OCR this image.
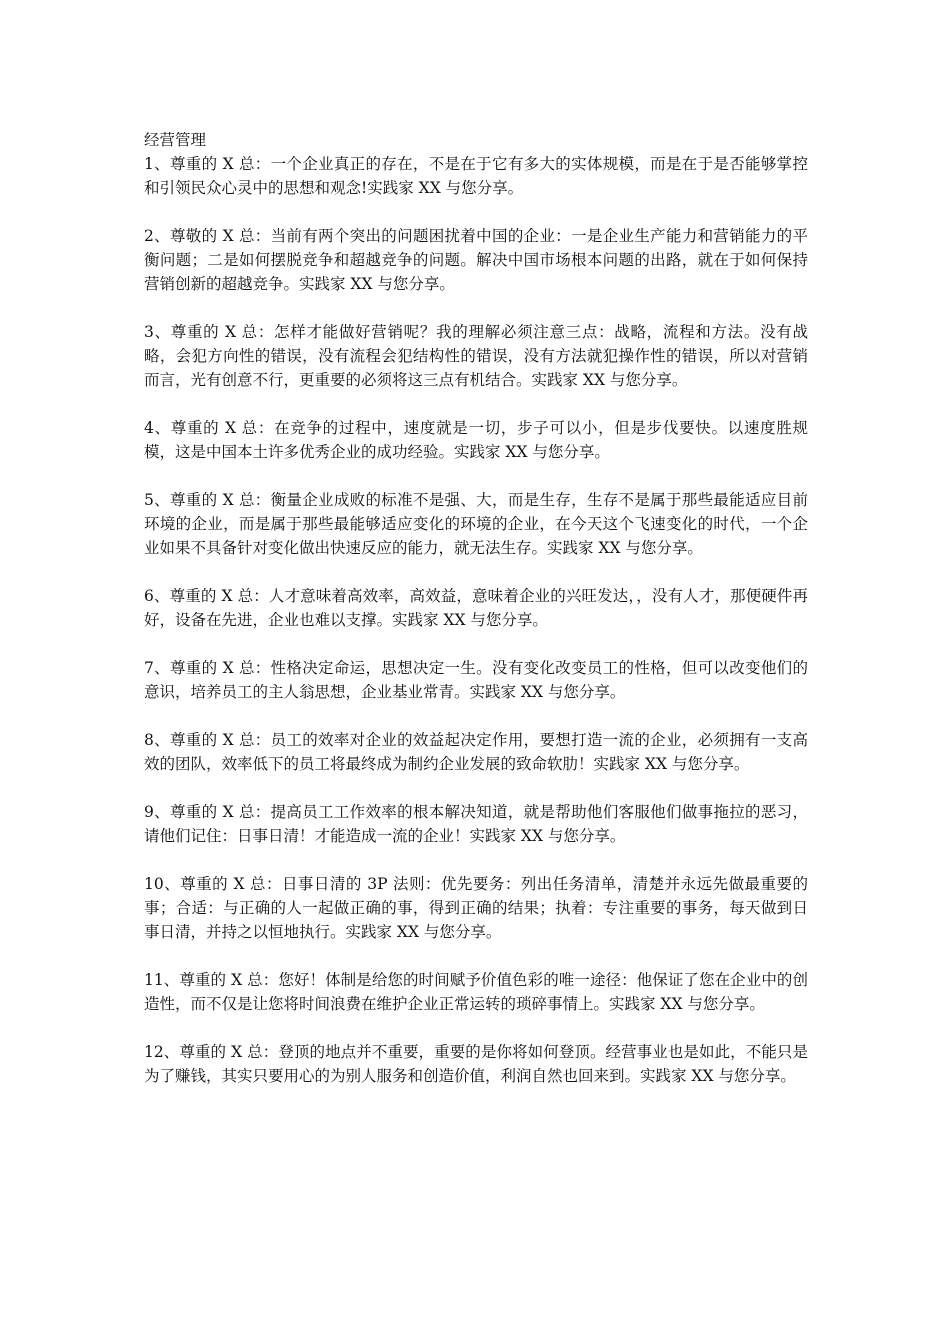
经营管理

1、尊重的 X 总：一个企业真正的存在，不是在于它有多大的实体规模，而是在于是否能够掌控和引领民众心灵中的思想和观念!实践家 XX 与您分享。

2、尊敬的 X 总：当前有两个突出的问题困扰着中国的企业：一是企业生产能力和营销能力的平衡问题；二是如何摆脱竞争和超越竞争的问题。解决中国市场根本问题的出路，就在于如何保持营销创新的超越竞争。实践家 XX 与您分享。

3、尊重的 X 总：怎样才能做好营销呢？我的理解必须注意三点：战略，流程和方法。没有战略，会犯方向性的错误，没有流程会犯结构性的错误，没有方法就犯操作性的错误，所以对营销而言，光有创意不行，更重要的必须将这三点有机结合。实践家 XX 与您分享。

4、尊重的 X 总：在竞争的过程中，速度就是一切，步子可以小，但是步伐要快。以速度胜规模，这是中国本土许多优秀企业的成功经验。实践家 XX 与您分享。

5、尊重的 X 总：衡量企业成败的标准不是强、大，而是生存，生存不是属于那些最能适应目前环境的企业，而是属于那些最能够适应变化的环境的企业，在今天这个飞速变化的时代，一个企业如果不具备针对变化做出快速反应的能力，就无法生存。实践家 XX 与您分享。

6、尊重的 X 总：人才意味着高效率，高效益，意味着企业的兴旺发达，，没有人才，那便硬件再好，设备在先进，企业也难以支撑。实践家 XX 与您分享。

7、尊重的 X 总：性格决定命运，思想决定一生。没有变化改变员工的性格，但可以改变他们的意识，培养员工的主人翁思想，企业基业常青。实践家 XX 与您分享。

8、尊重的 X 总：员工的效率对企业的效益起决定作用，要想打造一流的企业，必须拥有一支高效的团队，效率低下的员工将最终成为制约企业发展的致命软肋！实践家 XX 与您分享。

9、尊重的 X 总：提高员工工作效率的根本解决知道，就是帮助他们客服他们做事拖拉的恶习，请他们记住：日事日清！才能造成一流的企业！实践家 XX 与您分享。

10、尊重的 X 总：日事日清的 3P 法则：优先要务：列出任务清单，清楚并永远先做最重要的事；合适：与正确的人一起做正确的事，得到正确的结果；执着：专注重要的事务，每天做到日事日清，并持之以恒地执行。实践家 XX 与您分享。

11、尊重的 X 总：您好！体制是给您的时间赋予价值色彩的唯一途径：他保证了您在企业中的创造性，而不仅是让您将时间浪费在维护企业正常运转的琐碎事情上。实践家 XX 与您分享。

12、尊重的 X 总：登顶的地点并不重要，重要的是你将如何登顶。经营事业也是如此，不能只是为了赚钱，其实只要用心的为别人服务和创造价值，利润自然也回来到。实践家 XX 与您分享。
